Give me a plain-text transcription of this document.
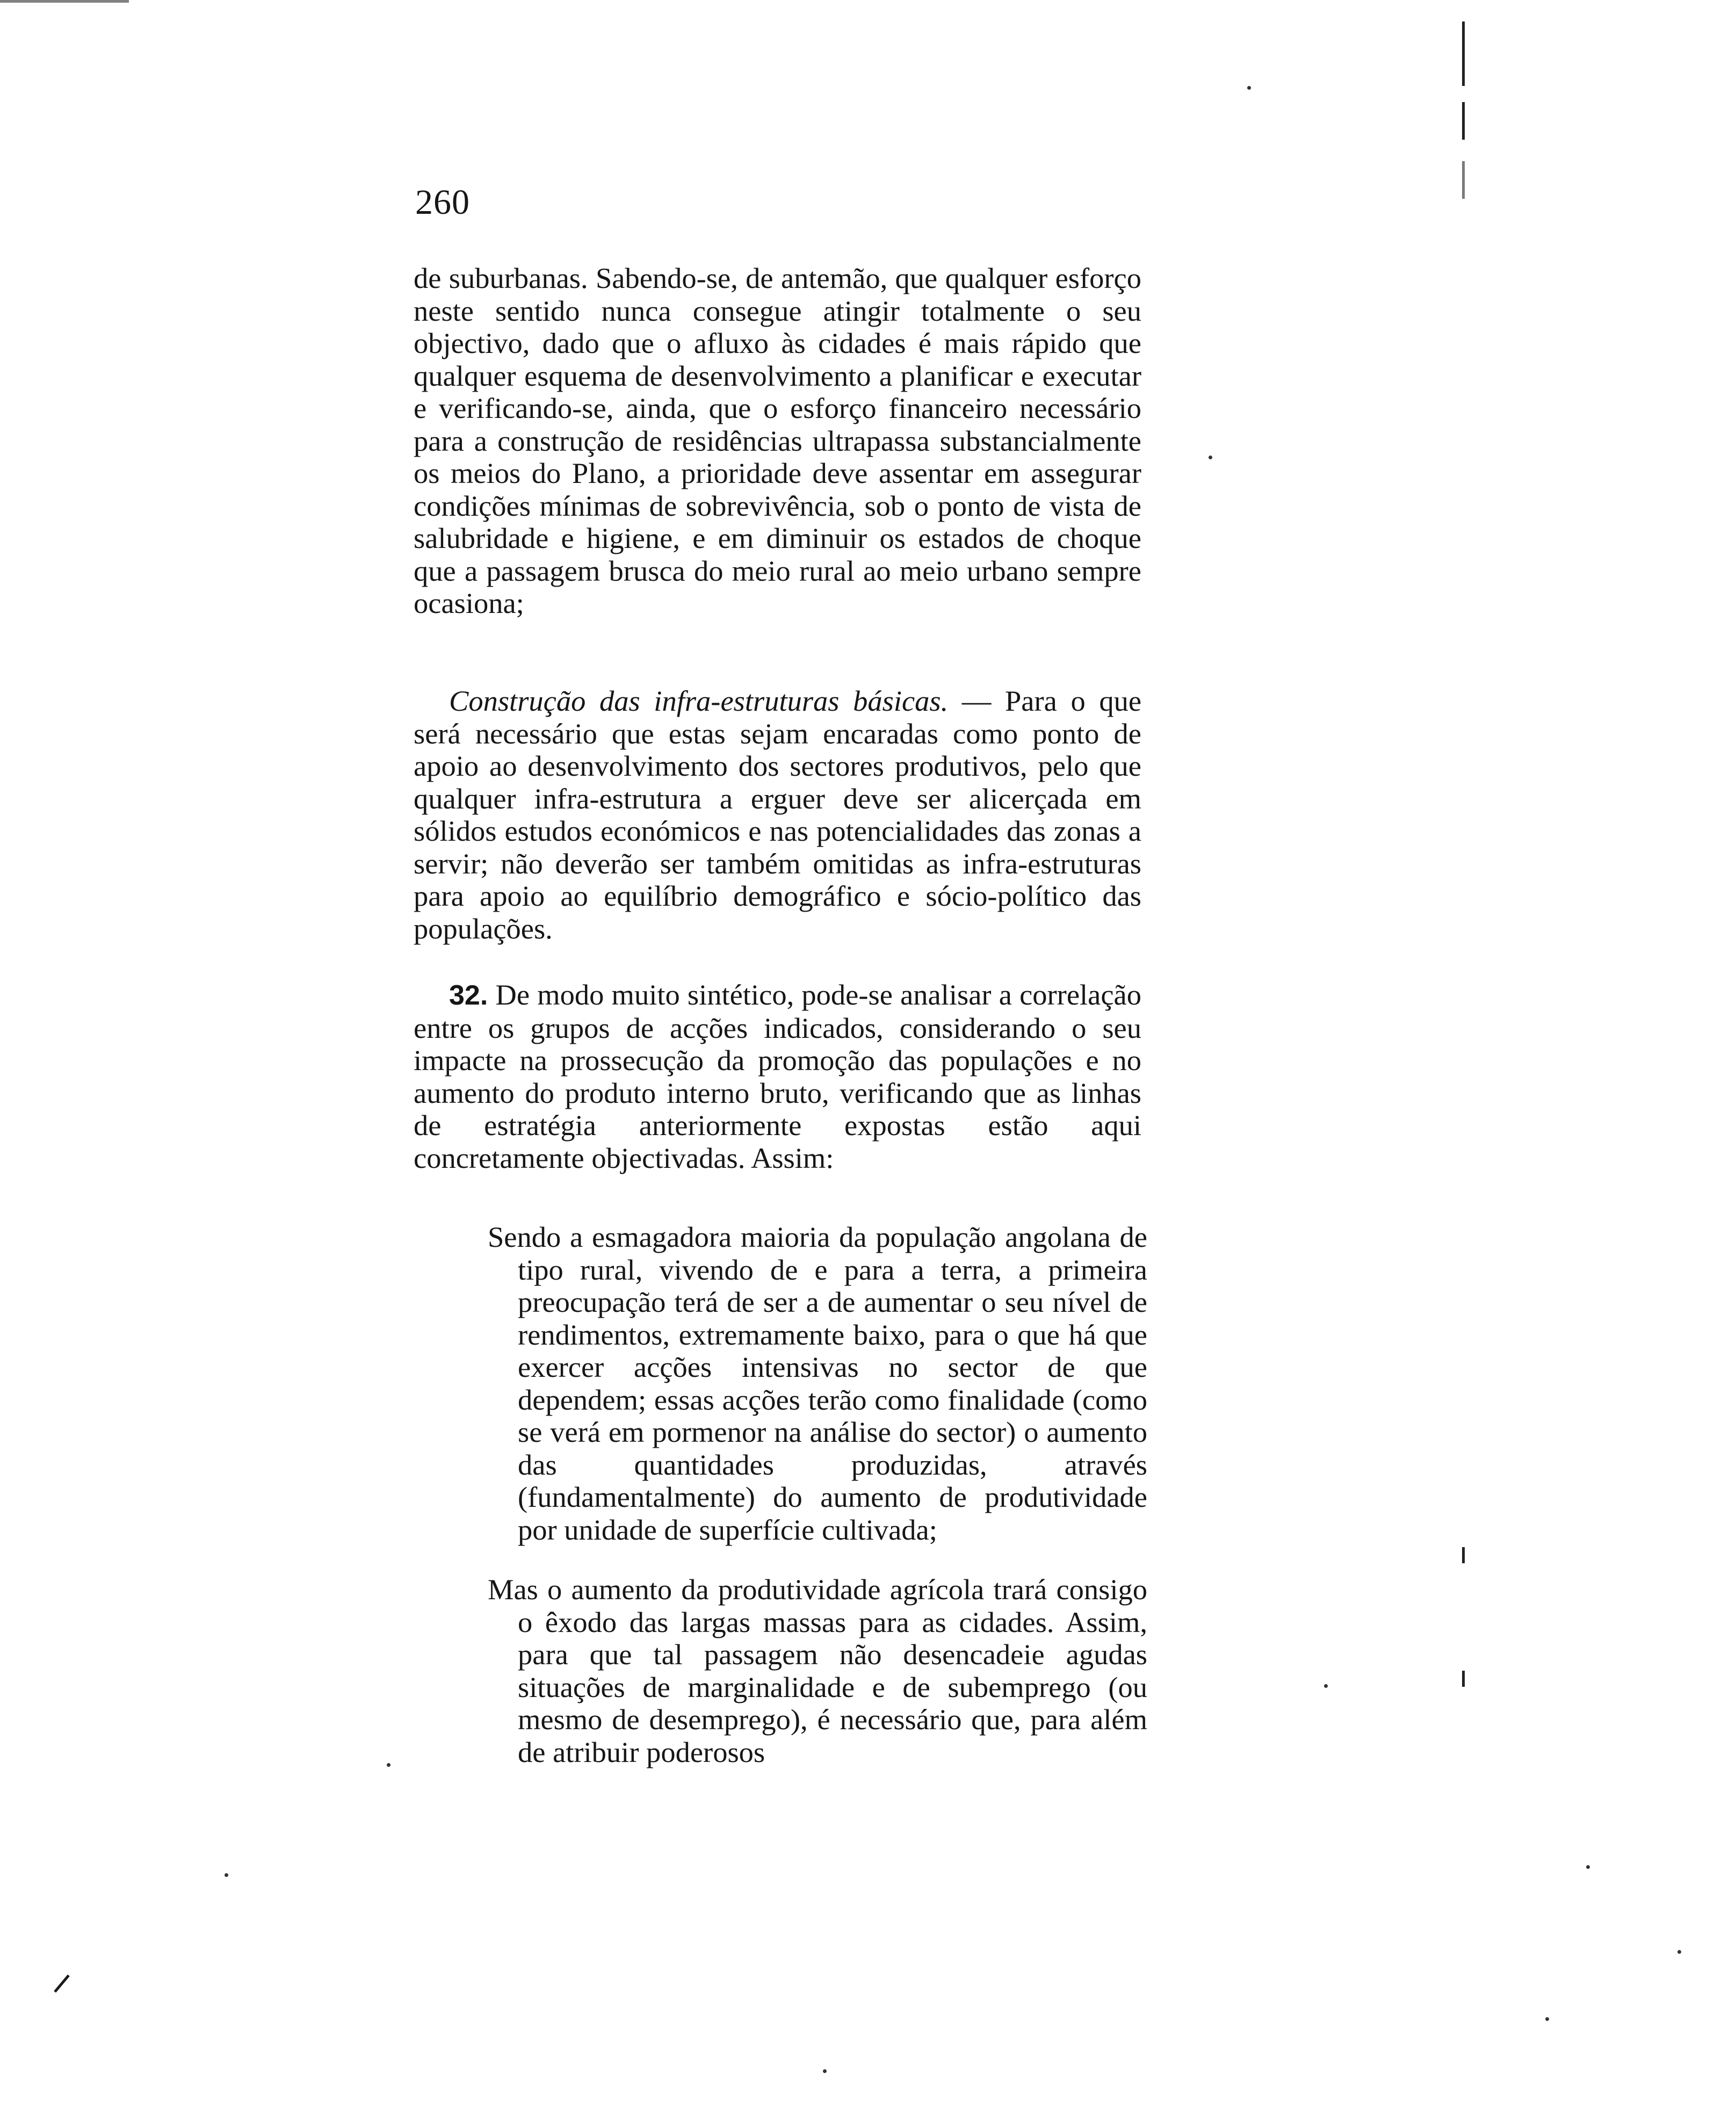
260

de suburbanas. Sabendo-se, de antemão, que qualquer esforço neste sentido nunca consegue atingir totalmente o seu objectivo, dado que o afluxo às cidades é mais rápido que qualquer esquema de desenvolvimento a planificar e executar e verificando-se, ainda, que o esforço financeiro necessário para a construção de residências ultrapassa substancialmente os meios do Plano, a prioridade deve assentar em assegurar condições mínimas de sobrevivência, sob o ponto de vista de salubridade e higiene, e em diminuir os estados de choque que a passagem brusca do meio rural ao meio urbano sempre ocasiona;

Construção das infra-estruturas básicas. — Para o que será necessário que estas sejam encaradas como ponto de apoio ao desenvolvimento dos sectores produtivos, pelo que qualquer infra-estrutura a erguer deve ser alicerçada em sólidos estudos económicos e nas potencialidades das zonas a servir; não deverão ser também omitidas as infra-estruturas para apoio ao equilíbrio demográfico e sócio-político das populações.

32. De modo muito sintético, pode-se analisar a correlação entre os grupos de acções indicados, considerando o seu impacte na prossecução da promoção das populações e no aumento do produto interno bruto, verificando que as linhas de estratégia anteriormente expostas estão aqui concretamente objectivadas. Assim:

Sendo a esmagadora maioria da população angolana de tipo rural, vivendo de e para a terra, a primeira preocupação terá de ser a de aumentar o seu nível de rendimentos, extremamente baixo, para o que há que exercer acções intensivas no sector de que dependem; essas acções terão como finalidade (como se verá em pormenor na análise do sector) o aumento das quantidades produzidas, através (fundamentalmente) do aumento de produtividade por unidade de superfície cultivada;

Mas o aumento da produtividade agrícola trará consigo o êxodo das largas massas para as cidades. Assim, para que tal passagem não desencadeie agudas situações de marginalidade e de subemprego (ou mesmo de desemprego), é necessário que, para além de atribuir poderosos
